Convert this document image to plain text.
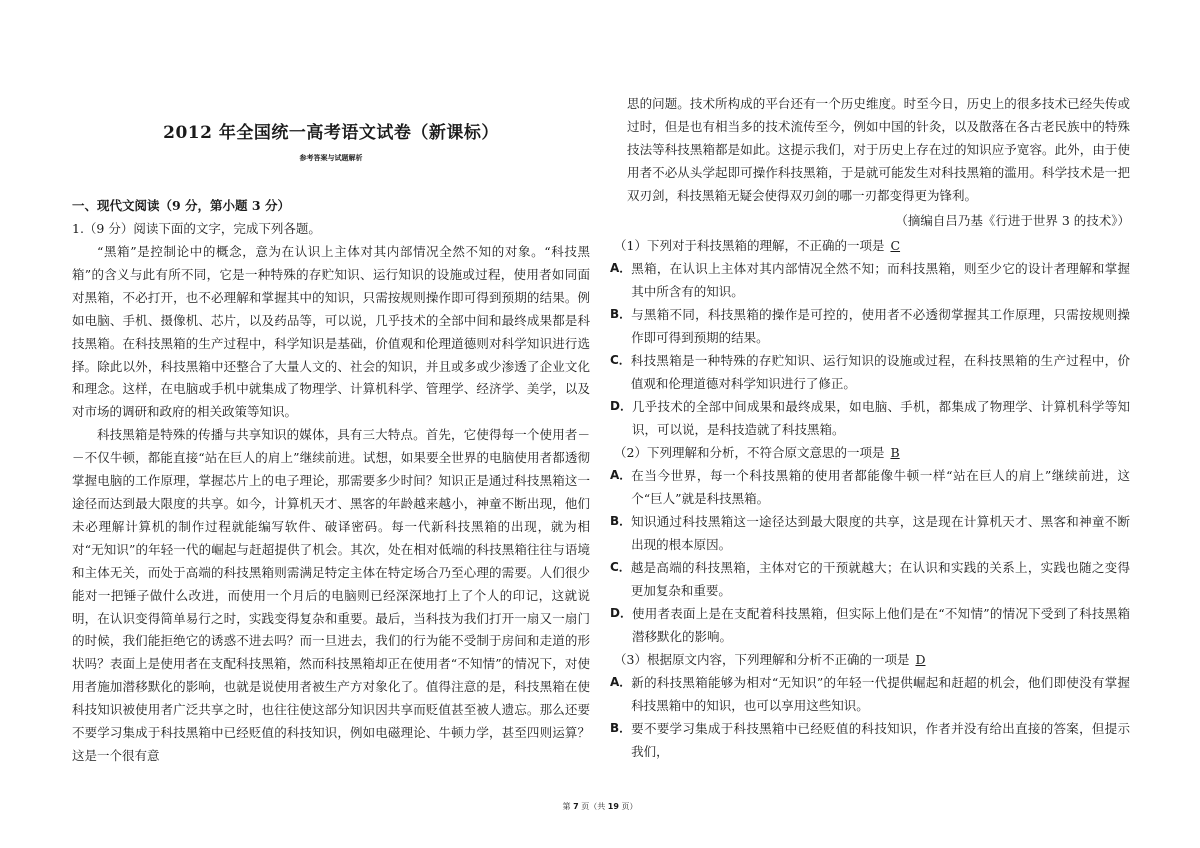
2012 年全国统一高考语文试卷（新课标）
参考答案与试题解析
一、现代文阅读（9 分，第小题 3 分）
1.（9 分）阅读下面的文字，完成下列各题。

“黑箱”是控制论中的概念，意为在认识上主体对其内部情况全然不知的对象。“科技黑箱”的含义与此有所不同，它是一种特殊的存贮知识、运行知识的设施或过程，使用者如同面对黑箱，不必打开，也不必理解和掌握其中的知识，只需按规则操作即可得到预期的结果。例如电脑、手机、摄像机、芯片，以及药品等，可以说，几乎技术的全部中间和最终成果都是科技黑箱。在科技黑箱的生产过程中，科学知识是基础，价值观和伦理道德则对科学知识进行选择。除此以外，科技黑箱中还整合了大量人文的、社会的知识，并且或多或少渗透了企业文化和理念。这样，在电脑或手机中就集成了物理学、计算机科学、管理学、经济学、美学，以及对市场的调研和政府的相关政策等知识。

科技黑箱是特殊的传播与共享知识的媒体，具有三大特点。首先，它使得每一个使用者－－不仅牛顿，都能直接“站在巨人的肩上”继续前进。试想，如果要全世界的电脑使用者都透彻掌握电脑的工作原理，掌握芯片上的电子理论，那需要多少时间？知识正是通过科技黑箱这一途径而达到最大限度的共享。如今，计算机天才、黑客的年龄越来越小，神童不断出现，他们未必理解计算机的制作过程就能编写软件、破译密码。每一代新科技黑箱的出现，就为相对“无知识”的年轻一代的崛起与赶超提供了机会。其次，处在相对低端的科技黑箱往往与语境和主体无关，而处于高端的科技黑箱则需满足特定主体在特定场合乃至心理的需要。人们很少能对一把锤子做什么改进，而使用一个月后的电脑则已经深深地打上了个人的印记，这就说明，在认识变得简单易行之时，实践变得复杂和重要。最后，当科技为我们打开一扇又一扇门的时候，我们能拒绝它的诱惑不进去吗？而一旦进去，我们的行为能不受制于房间和走道的形状吗？表面上是使用者在支配科技黑箱，然而科技黑箱却正在使用者“不知情”的情况下，对使用者施加潜移默化的影响，也就是说使用者被生产方对象化了。值得注意的是，科技黑箱在使科技知识被使用者广泛共享之时，也往往使这部分知识因共享而贬值甚至被人遗忘。那么还要不要学习集成于科技黑箱中已经贬值的科技知识，例如电磁理论、牛顿力学，甚至四则运算？这是一个很有意

思的问题。技术所构成的平台还有一个历史维度。时至今日，历史上的很多技术已经失传或过时，但是也有相当多的技术流传至今，例如中国的针灸，以及散落在各古老民族中的特殊技法等科技黑箱都是如此。这提示我们，对于历史上存在过的知识应予宽容。此外，由于使用者不必从头学起即可操作科技黑箱，于是就可能发生对科技黑箱的滥用。科学技术是一把双刃剑，科技黑箱无疑会使得双刃剑的哪一刃都变得更为锋利。

（摘编自吕乃基《行进于世界 3 的技术》）
（1）下列对于科技黑箱的理解，不正确的一项是 C
A． 黑箱，在认识上主体对其内部情况全然不知；而科技黑箱，则至少它的设计者理解和掌握其中所含有的知识。
B． 与黑箱不同，科技黑箱的操作是可控的，使用者不必透彻掌握其工作原理，只需按规则操作即可得到预期的结果。
C． 科技黑箱是一种特殊的存贮知识、运行知识的设施或过程，在科技黑箱的生产过程中，价值观和伦理道德对科学知识进行了修正。
D． 几乎技术的全部中间成果和最终成果，如电脑、手机，都集成了物理学、计算机科学等知识，可以说，是科技造就了科技黑箱。
（2）下列理解和分析，不符合原文意思的一项是 B
A． 在当今世界，每一个科技黑箱的使用者都能像牛顿一样“站在巨人的肩上”继续前进，这个“巨人”就是科技黑箱。
B． 知识通过科技黑箱这一途径达到最大限度的共享，这是现在计算机天才、黑客和神童不断出现的根本原因。
C． 越是高端的科技黑箱，主体对它的干预就越大；在认识和实践的关系上，实践也随之变得更加复杂和重要。
D． 使用者表面上是在支配着科技黑箱，但实际上他们是在“不知情”的情况下受到了科技黑箱潜移默化的影响。
（3）根据原文内容，下列理解和分析不正确的一项是 D
A． 新的科技黑箱能够为相对“无知识”的年轻一代提供崛起和赶超的机会，他们即使没有掌握科技黑箱中的知识，也可以享用这些知识。
B． 要不要学习集成于科技黑箱中已经贬值的科技知识，作者并没有给出直接的答案，但提示我们，
第 7 页（共 19 页）
